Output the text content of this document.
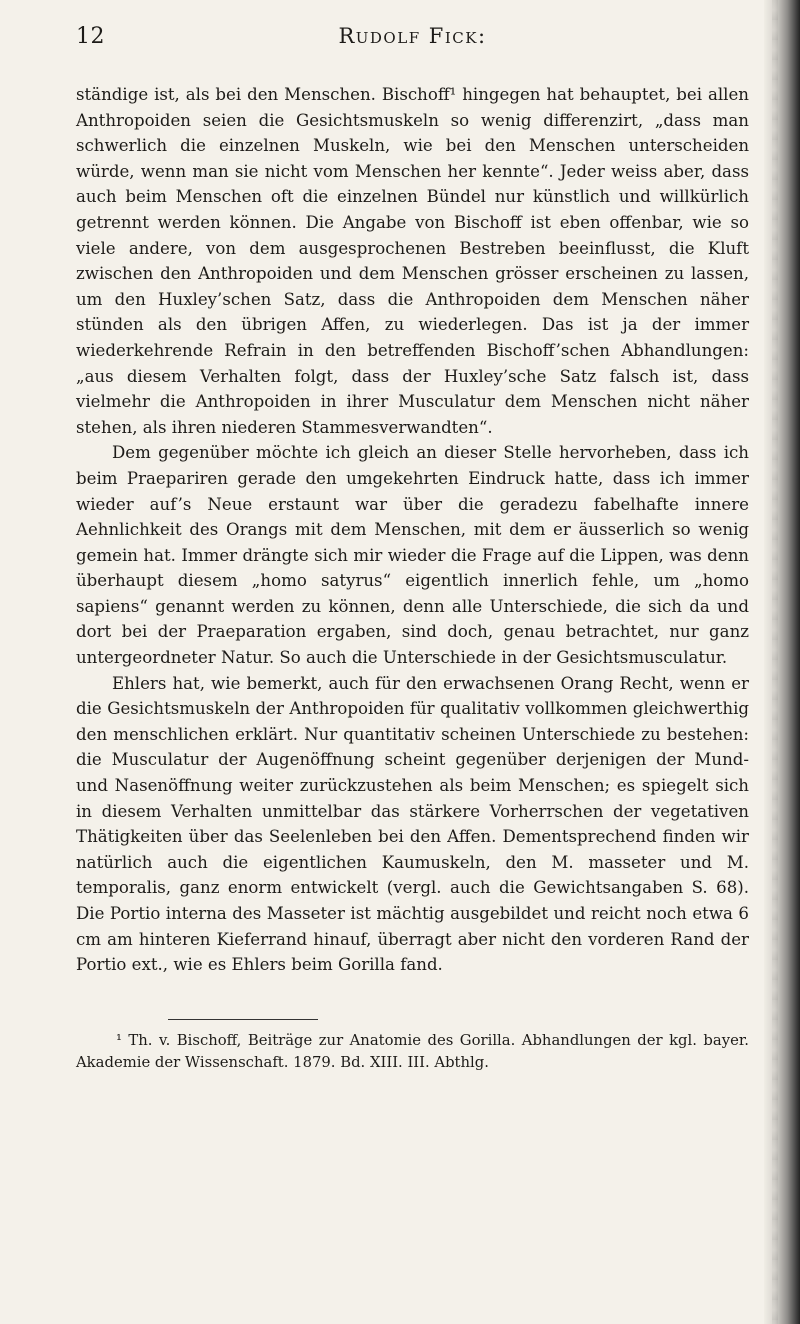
12	Rudolf Fick:

ständige ist, als bei den Menschen. Bischoff¹ hingegen hat behauptet, bei allen Anthropoiden seien die Gesichtsmuskeln so wenig differenzirt, „dass man schwerlich die einzelnen Muskeln, wie bei den Menschen unterscheiden würde, wenn man sie nicht vom Menschen her kennte“. Jeder weiss aber, dass auch beim Menschen oft die einzelnen Bündel nur künstlich und willkürlich getrennt werden können. Die Angabe von Bischoff ist eben offenbar, wie so viele andere, von dem ausgesprochenen Bestreben beeinflusst, die Kluft zwischen den Anthropoiden und dem Menschen grösser erscheinen zu lassen, um den Huxley’schen Satz, dass die Anthropoiden dem Menschen näher stünden als den übrigen Affen, zu wiederlegen. Das ist ja der immer wiederkehrende Refrain in den betreffenden Bischoff’schen Abhandlungen: „aus diesem Verhalten folgt, dass der Huxley’sche Satz falsch ist, dass vielmehr die Anthropoiden in ihrer Musculatur dem Menschen nicht näher stehen, als ihren niederen Stammesverwandten“.

Dem gegenüber möchte ich gleich an dieser Stelle hervorheben, dass ich beim Praepariren gerade den umgekehrten Eindruck hatte, dass ich immer wieder auf’s Neue erstaunt war über die geradezu fabelhafte innere Aehnlichkeit des Orangs mit dem Menschen, mit dem er äusserlich so wenig gemein hat. Immer drängte sich mir wieder die Frage auf die Lippen, was denn überhaupt diesem „homo satyrus“ eigentlich innerlich fehle, um „homo sapiens“ genannt werden zu können, denn alle Unterschiede, die sich da und dort bei der Praeparation ergaben, sind doch, genau betrachtet, nur ganz untergeordneter Natur. So auch die Unterschiede in der Gesichtsmusculatur.

Ehlers hat, wie bemerkt, auch für den erwachsenen Orang Recht, wenn er die Gesichtsmuskeln der Anthropoiden für qualitativ vollkommen gleichwerthig den menschlichen erklärt. Nur quantitativ scheinen Unterschiede zu bestehen: die Musculatur der Augenöffnung scheint gegenüber derjenigen der Mund- und Nasenöffnung weiter zurückzustehen als beim Menschen; es spiegelt sich in diesem Verhalten unmittelbar das stärkere Vorherrschen der vegetativen Thätigkeiten über das Seelenleben bei den Affen. Dementsprechend finden wir natürlich auch die eigentlichen Kaumuskeln, den M. masseter und M. temporalis, ganz enorm entwickelt (vergl. auch die Gewichtsangaben S. 68). Die Portio interna des Masseter ist mächtig ausgebildet und reicht noch etwa 6 cm am hinteren Kieferrand hinauf, überragt aber nicht den vorderen Rand der Portio ext., wie es Ehlers beim Gorilla fand.

¹ Th. v. Bischoff, Beiträge zur Anatomie des Gorilla. Abhandlungen der kgl. bayer. Akademie der Wissenschaft. 1879. Bd. XIII. III. Abthlg.
